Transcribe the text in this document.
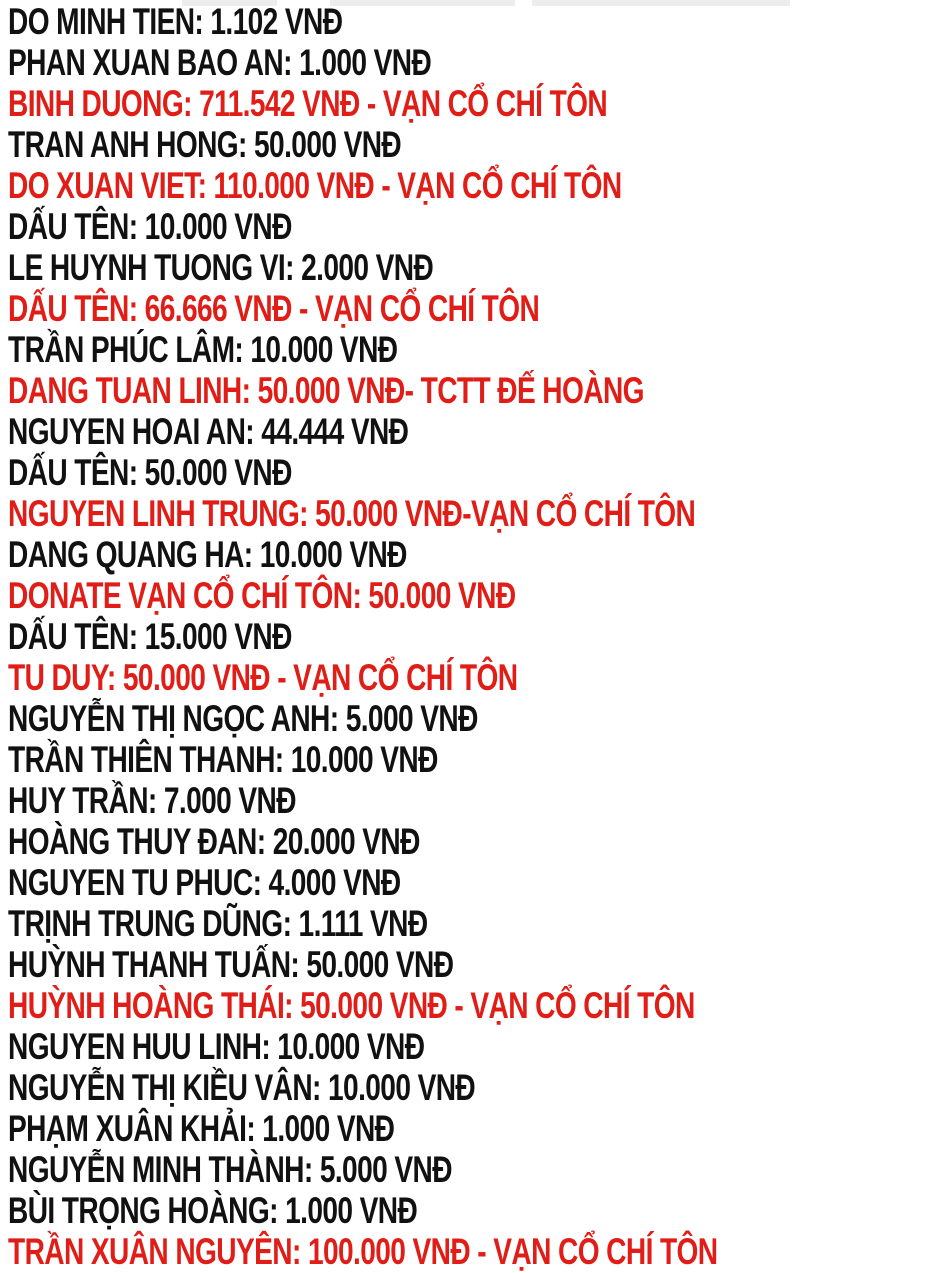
DO MINH TIEN: 1.102 VNĐ
PHAN XUAN BAO AN: 1.000 VNĐ
BINH DUONG: 711.542 VNĐ - VẠN CỔ CHÍ TÔN
TRAN ANH HONG: 50.000 VNĐ
DO XUAN VIET: 110.000 VNĐ - VẠN CỔ CHÍ TÔN
DẤU TÊN: 10.000 VNĐ
LE HUYNH TUONG VI: 2.000 VNĐ
DẤU TÊN: 66.666 VNĐ - VẠN CỔ CHÍ TÔN
TRẦN PHÚC LÂM: 10.000 VNĐ
DANG TUAN LINH: 50.000 VNĐ- TCTT ĐẾ HOÀNG
NGUYEN HOAI AN: 44.444 VNĐ
DẤU TÊN: 50.000 VNĐ
NGUYEN LINH TRUNG: 50.000 VNĐ-VẠN CỔ CHÍ TÔN
DANG QUANG HA: 10.000 VNĐ
DONATE VẠN CỔ CHÍ TÔN: 50.000 VNĐ
DẤU TÊN: 15.000 VNĐ
TU DUY: 50.000 VNĐ - VẠN CỔ CHÍ TÔN
NGUYỄN THỊ NGỌC ANH: 5.000 VNĐ
TRẦN THIÊN THANH: 10.000 VNĐ
HUY TRẦN: 7.000 VNĐ
HOÀNG THUY ĐAN: 20.000 VNĐ
NGUYEN TU PHUC: 4.000 VNĐ
TRỊNH TRUNG DŨNG: 1.111 VNĐ
HUỲNH THANH TUẤN: 50.000 VNĐ
HUỲNH HOÀNG THÁI: 50.000 VNĐ - VẠN CỔ CHÍ TÔN
NGUYEN HUU LINH: 10.000 VNĐ
NGUYỄN THỊ KIỀU VÂN: 10.000 VNĐ
PHẠM XUÂN KHẢI: 1.000 VNĐ
NGUYỄN MINH THÀNH: 5.000 VNĐ
BÙI TRỌNG HOÀNG: 1.000 VNĐ
TRẦN XUÂN NGUYÊN: 100.000 VNĐ - VẠN CỔ CHÍ TÔN
